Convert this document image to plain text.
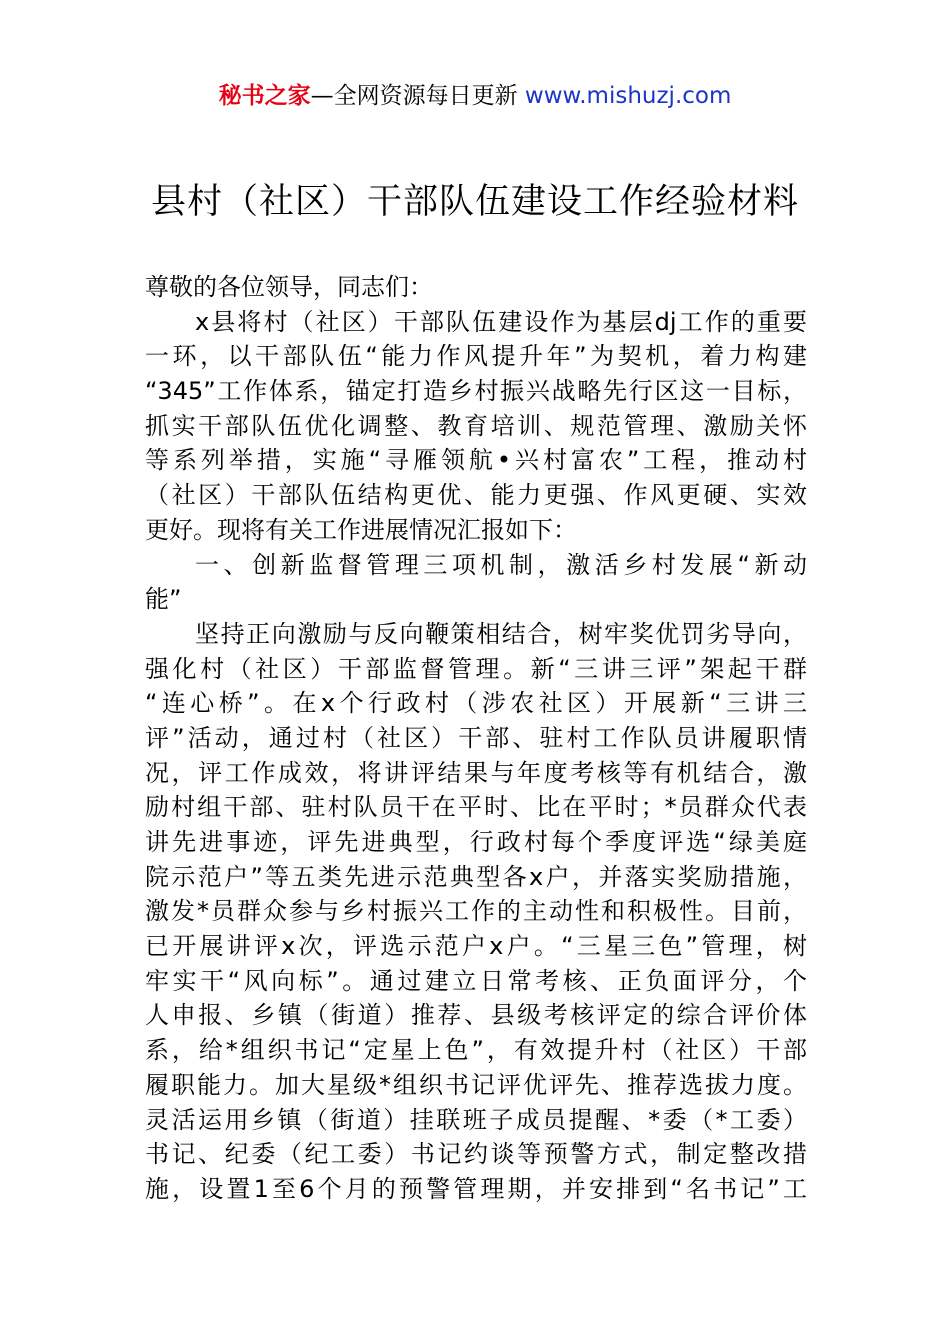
秘书之家—全网资源每日更新 www.mishuzj.com
县村（社区）干部队伍建设工作经验材料
尊敬的各位领导，同志们：
x县将村（社区）干部队伍建设作为基层dj工作的重要
一环，以干部队伍“能力作风提升年”为契机，着力构建
“345”工作体系，锚定打造乡村振兴战略先行区这一目标，
抓实干部队伍优化调整、教育培训、规范管理、激励关怀
等系列举措，实施“寻雁领航•兴村富农”工程，推动村
（社区）干部队伍结构更优、能力更强、作风更硬、实效
更好。现将有关工作进展情况汇报如下：
一、创新监督管理三项机制，激活乡村发展“新动
能”
坚持正向激励与反向鞭策相结合，树牢奖优罚劣导向，
强化村（社区）干部监督管理。新“三讲三评”架起干群
“连心桥”。在x个行政村（涉农社区）开展新“三讲三
评”活动，通过村（社区）干部、驻村工作队员讲履职情
况，评工作成效，将讲评结果与年度考核等有机结合，激
励村组干部、驻村队员干在平时、比在平时；*员群众代表
讲先进事迹，评先进典型，行政村每个季度评选“绿美庭
院示范户”等五类先进示范典型各x户，并落实奖励措施，
激发*员群众参与乡村振兴工作的主动性和积极性。目前，
已开展讲评x次，评选示范户x户。“三星三色”管理，树
牢实干“风向标”。通过建立日常考核、正负面评分，个
人申报、乡镇（街道）推荐、县级考核评定的综合评价体
系，给*组织书记“定星上色”，有效提升村（社区）干部
履职能力。加大星级*组织书记评优评先、推荐选拔力度。
灵活运用乡镇（街道）挂联班子成员提醒、*委（*工委）
书记、纪委（纪工委）书记约谈等预警方式，制定整改措
施，设置1至6个月的预警管理期，并安排到“名书记”工
